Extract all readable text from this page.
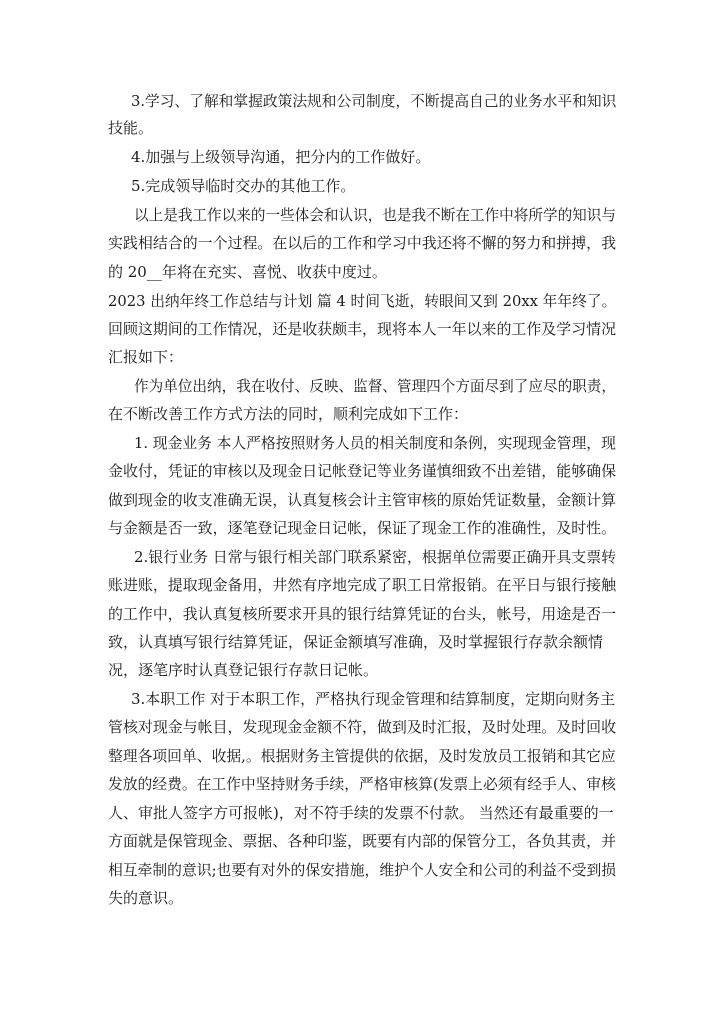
3.学习、了解和掌握政策法规和公司制度，不断提高自己的业务水平和知识
技能。
4.加强与上级领导沟通，把分内的工作做好。
5.完成领导临时交办的其他工作。
以上是我工作以来的一些体会和认识，也是我不断在工作中将所学的知识与
实践相结合的一个过程。在以后的工作和学习中我还将不懈的努力和拼搏，我
的 20__年将在充实、喜悦、收获中度过。
2023 出纳年终工作总结与计划 篇 4 时间飞逝，转眼间又到 20xx 年年终了。
回顾这期间的工作情况，还是收获颇丰，现将本人一年以来的工作及学习情况
汇报如下：
作为单位出纳，我在收付、反映、监督、管理四个方面尽到了应尽的职责，
在不断改善工作方式方法的同时，顺利完成如下工作：
1. 现金业务 本人严格按照财务人员的相关制度和条例，实现现金管理，现
金收付，凭证的审核以及现金日记帐登记等业务谨慎细致不出差错，能够确保
做到现金的收支准确无误，认真复核会计主管审核的原始凭证数量，金额计算
与金额是否一致，逐笔登记现金日记帐，保证了现金工作的准确性，及时性。
2.银行业务 日常与银行相关部门联系紧密，根据单位需要正确开具支票转
账进账，提取现金备用，井然有序地完成了职工日常报销。在平日与银行接触
的工作中，我认真复核所要求开具的银行结算凭证的台头，帐号，用途是否一
致，认真填写银行结算凭证，保证金额填写准确，及时掌握银行存款余额情
况，逐笔序时认真登记银行存款日记帐。
3.本职工作 对于本职工作，严格执行现金管理和结算制度，定期向财务主
管核对现金与帐目，发现现金金额不符，做到及时汇报，及时处理。及时回收
整理各项回单、收据,。根据财务主管提供的依据，及时发放员工报销和其它应
发放的经费。在工作中坚持财务手续，严格审核算(发票上必须有经手人、审核
人、审批人签字方可报帐)，对不符手续的发票不付款。 当然还有最重要的一
方面就是保管现金、票据、各种印鉴，既要有内部的保管分工，各负其责，并
相互牵制的意识;也要有对外的保安措施，维护个人安全和公司的利益不受到损
失的意识。
